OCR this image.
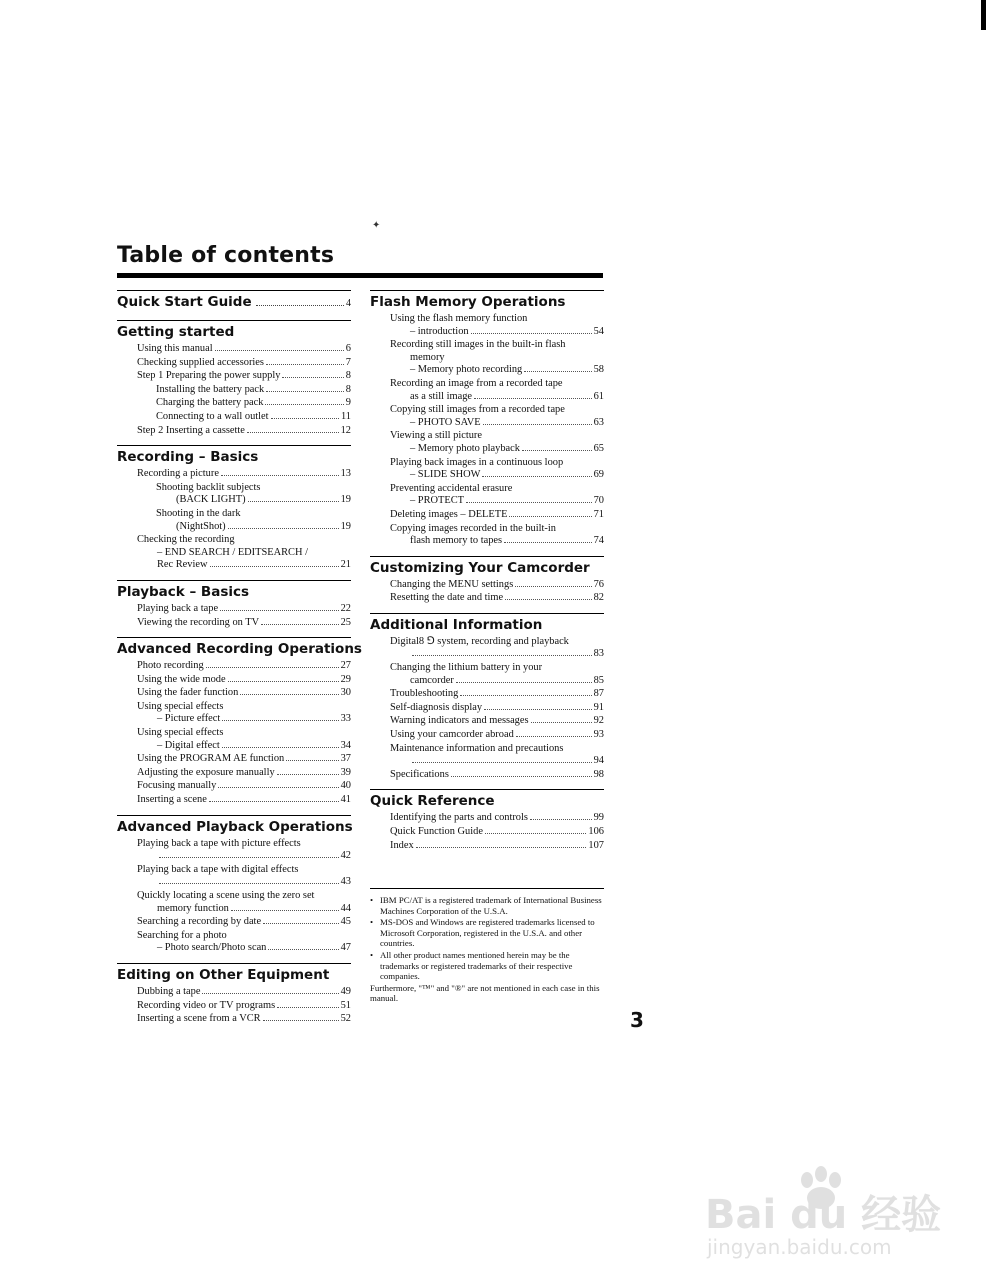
✦
Table of contents
Quick Start Guide	4
Getting started
Using this manual	6
Checking supplied accessories	7
Step 1 Preparing the power supply	8
Installing the battery pack	8
Charging the battery pack	9
Connecting to a wall outlet	11
Step 2 Inserting a cassette	12
Recording – Basics
Recording a picture	13
Shooting backlit subjects
(BACK LIGHT)	19
Shooting in the dark
(NightShot)	19
Checking the recording
– END SEARCH / EDITSEARCH /
Rec Review	21
Playback – Basics
Playing back a tape	22
Viewing the recording on TV	25
Advanced Recording Operations
Photo recording	27
Using the wide mode	29
Using the fader function	30
Using special effects
– Picture effect	33
Using special effects
– Digital effect	34
Using the PROGRAM AE function	37
Adjusting the exposure manually	39
Focusing manually	40
Inserting a scene	41
Advanced Playback Operations
Playing back a tape with picture effects
42
Playing back a tape with digital effects
43
Quickly locating a scene using the zero set
memory function	44
Searching a recording by date	45
Searching for a photo
– Photo search/Photo scan	47
Editing on Other Equipment
Dubbing a tape	49
Recording video or TV programs	51
Inserting a scene from a VCR	52
Flash Memory Operations
Using the flash memory function
– introduction	54
Recording still images in the built-in flash
memory
– Memory photo recording	58
Recording an image from a recorded tape
as a still image	61
Copying still images from a recorded tape
– PHOTO SAVE	63
Viewing a still picture
– Memory photo playback	65
Playing back images in a continuous loop
– SLIDE SHOW	69
Preventing accidental erasure
– PROTECT	70
Deleting images – DELETE	71
Copying images recorded in the built-in
flash memory to tapes	74
Customizing Your Camcorder
Changing the MENU settings	76
Resetting the date and time	82
Additional Information
Digital8 ⅁ system, recording and playback
83
Changing the lithium battery in your
camcorder	85
Troubleshooting	87
Self-diagnosis display	91
Warning indicators and messages	92
Using your camcorder abroad	93
Maintenance information and precautions
94
Specifications	98
Quick Reference
Identifying the parts and controls	99
Quick Function Guide	106
Index	107
• IBM PC/AT is a registered trademark of International Business Machines Corporation of the U.S.A.
• MS-DOS and Windows are registered trademarks licensed to Microsoft Corporation, registered in the U.S.A. and other countries.
• All other product names mentioned herein may be the trademarks or registered trademarks of their respective companies.
Furthermore, "™" and "®" are not mentioned in each case in this manual.
3
Bai du 经验
jingyan.baidu.com
